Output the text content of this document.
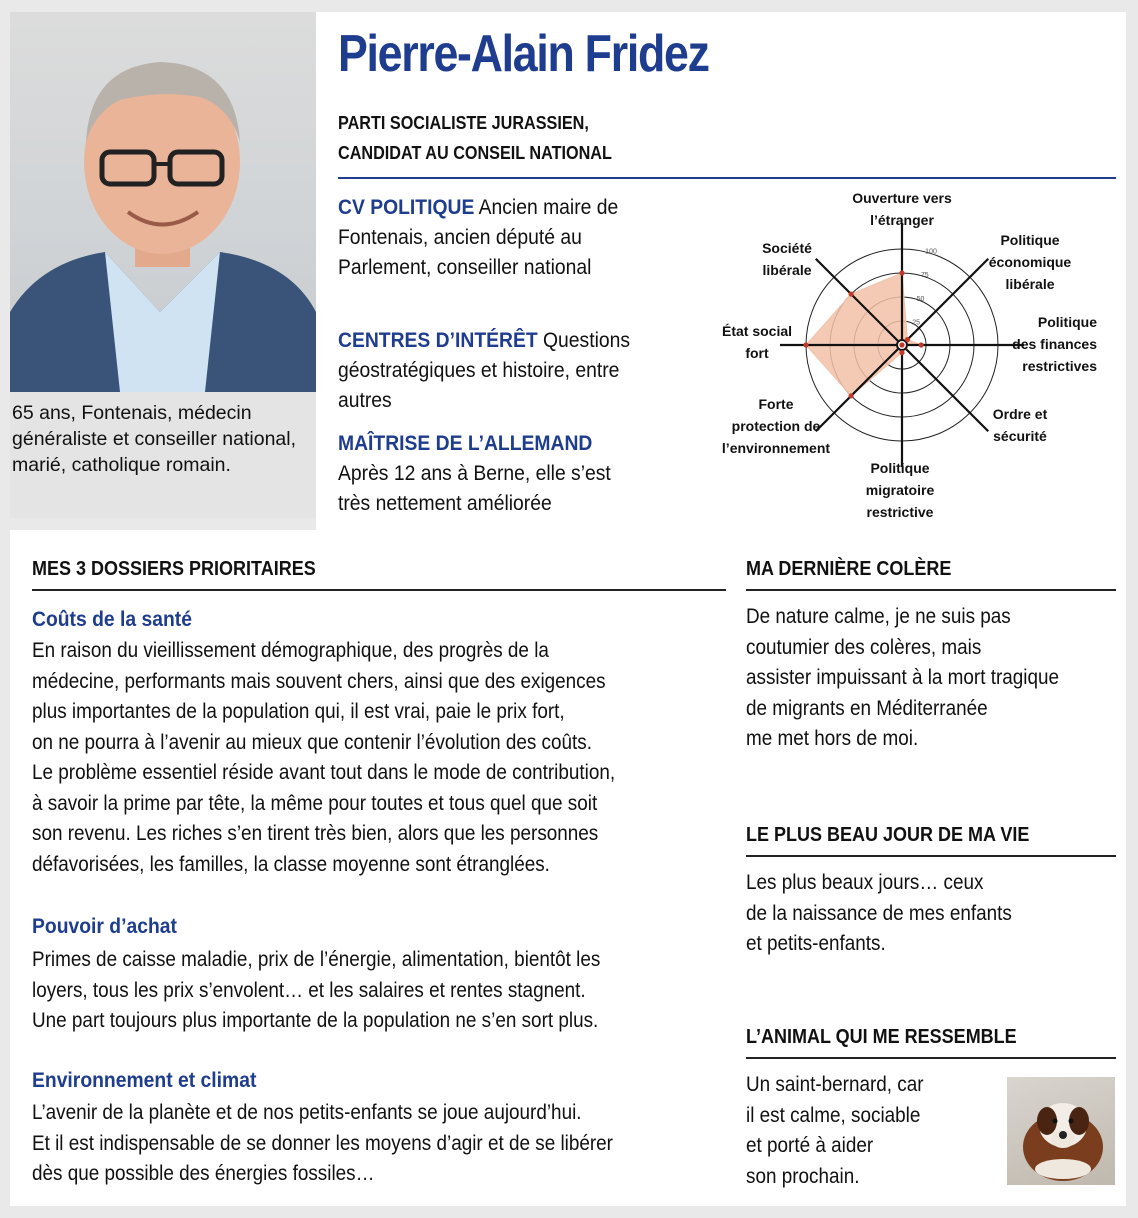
65 ans, Fontenais, médecin généraliste et conseiller national, marié, catholique romain.
Pierre-Alain Fridez
PARTI SOCIALISTE JURASSIEN,
CANDIDAT AU CONSEIL NATIONAL
CV POLITIQUE Ancien maire de Fontenais, ancien député au Parlement, conseiller national
CENTRES D’INTÉRÊT Questions géostratégiques et histoire, entre autres
MAÎTRISE DE L’ALLEMAND
Après 12 ans à Berne, elle s’est très nettement améliorée
25
50
75
100
Ouverture vers l’étranger
Politique économique libérale
Politique des finances restrictives
Ordre et sécurité
Politique migratoire restrictive
Forte protection de l’environnement
État social fort
Société libérale
MES 3 DOSSIERS PRIORITAIRES
Coûts de la santé
En raison du vieillissement démographique, des progrès de la
médecine, performants mais souvent chers, ainsi que des exigences
plus importantes de la population qui, il est vrai, paie le prix fort,
on ne pourra à l’avenir au mieux que contenir l’évolution des coûts.
Le problème essentiel réside avant tout dans le mode de contribution,
à savoir la prime par tête, la même pour toutes et tous quel que soit
son revenu. Les riches s’en tirent très bien, alors que les personnes
défavorisées, les familles, la classe moyenne sont étranglées.
Pouvoir d’achat
Primes de caisse maladie, prix de l’énergie, alimentation, bientôt les
loyers, tous les prix s’envolent… et les salaires et rentes stagnent.
Une part toujours plus importante de la population ne s’en sort plus.
Environnement et climat
L’avenir de la planète et de nos petits-enfants se joue aujourd’hui.
Et il est indispensable de se donner les moyens d’agir et de se libérer
dès que possible des énergies fossiles…
MA DERNIÈRE COLÈRE
De nature calme, je ne suis pas
coutumier des colères, mais
assister impuissant à la mort tragique
de migrants en Méditerranée
me met hors de moi.
LE PLUS BEAU JOUR DE MA VIE
Les plus beaux jours… ceux
de la naissance de mes enfants
et petits-enfants.
L’ANIMAL QUI ME RESSEMBLE
Un saint-bernard, car
il est calme, sociable
et porté à aider
son prochain.
